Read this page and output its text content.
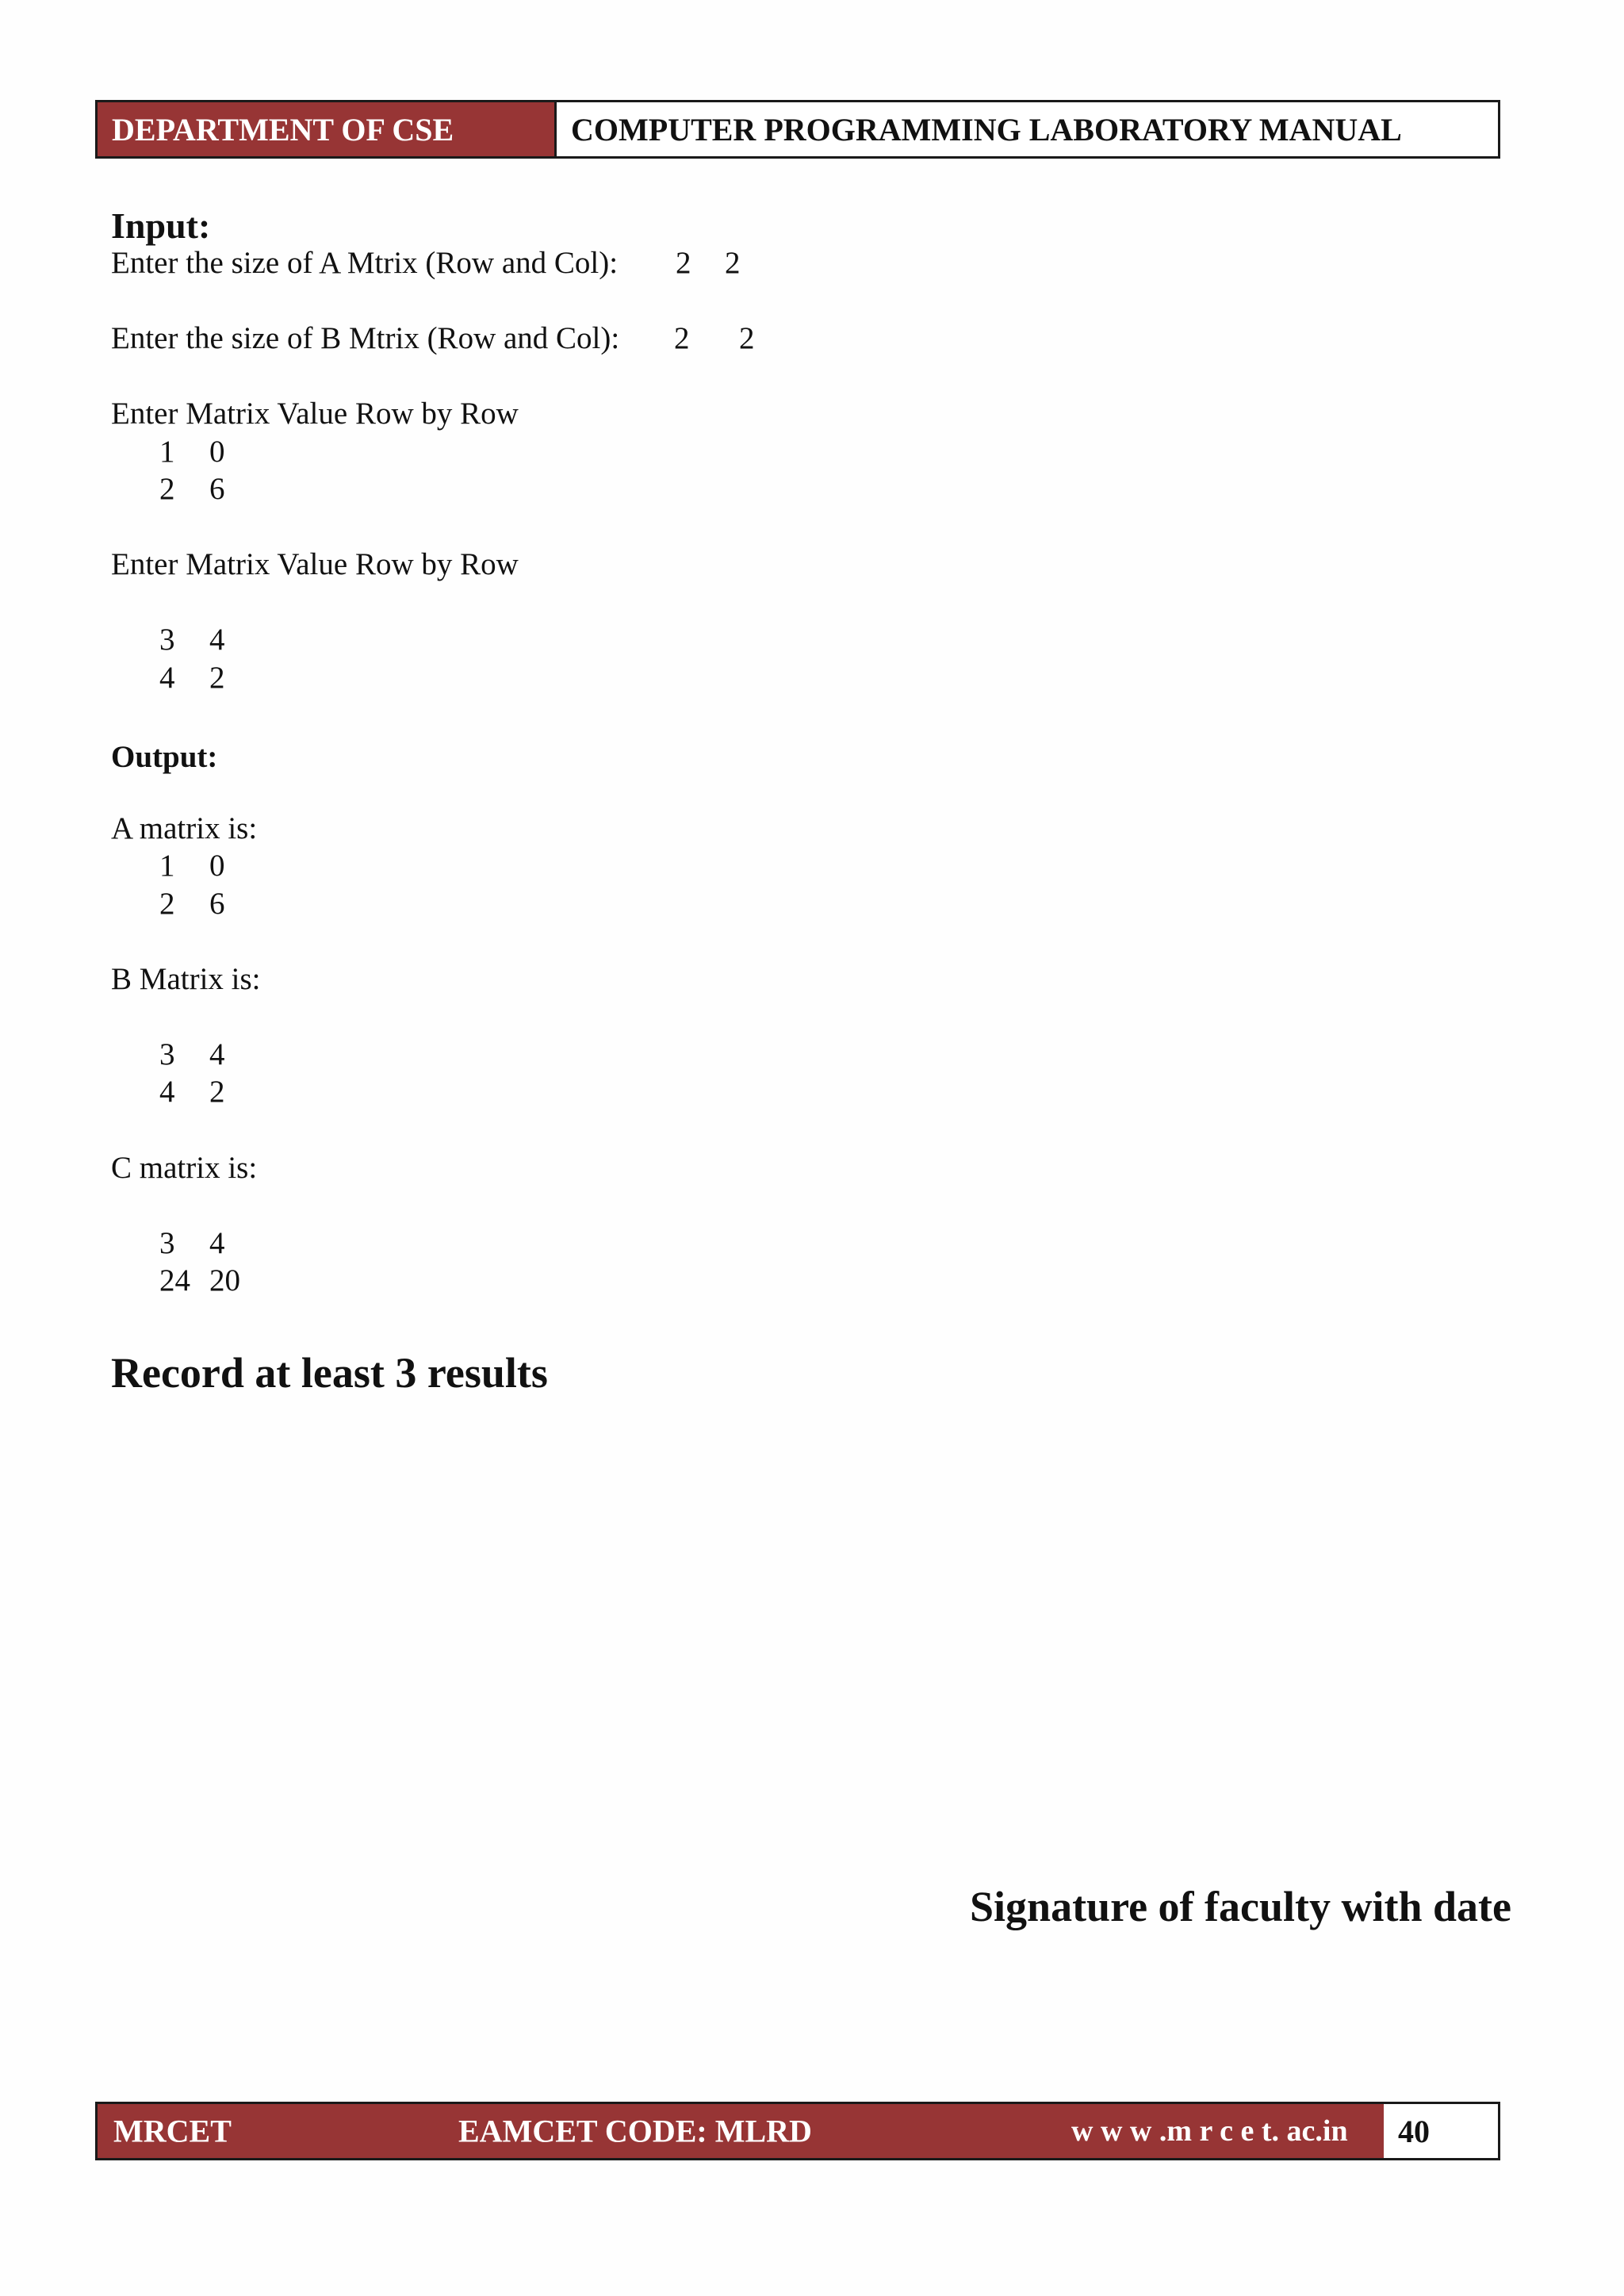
DEPARTMENT OF CSE	COMPUTER PROGRAMMING LABORATORY MANUAL
Input:
Enter the size of A Mtrix (Row and Col): 2 2
Enter the size of B Mtrix (Row and Col): 2 2
Enter Matrix Value Row by Row
1 0
2 6
Enter Matrix Value Row by Row
3 4
4 2
Output:
A matrix is:
1 0
2 6
B Matrix is:
3 4
4 2
C matrix is:
3 4
24 20
Record at least 3 results
Signature of faculty with date
MRCET	EAMCET CODE: MLRD	w w w .m r c e t. ac.in	40
